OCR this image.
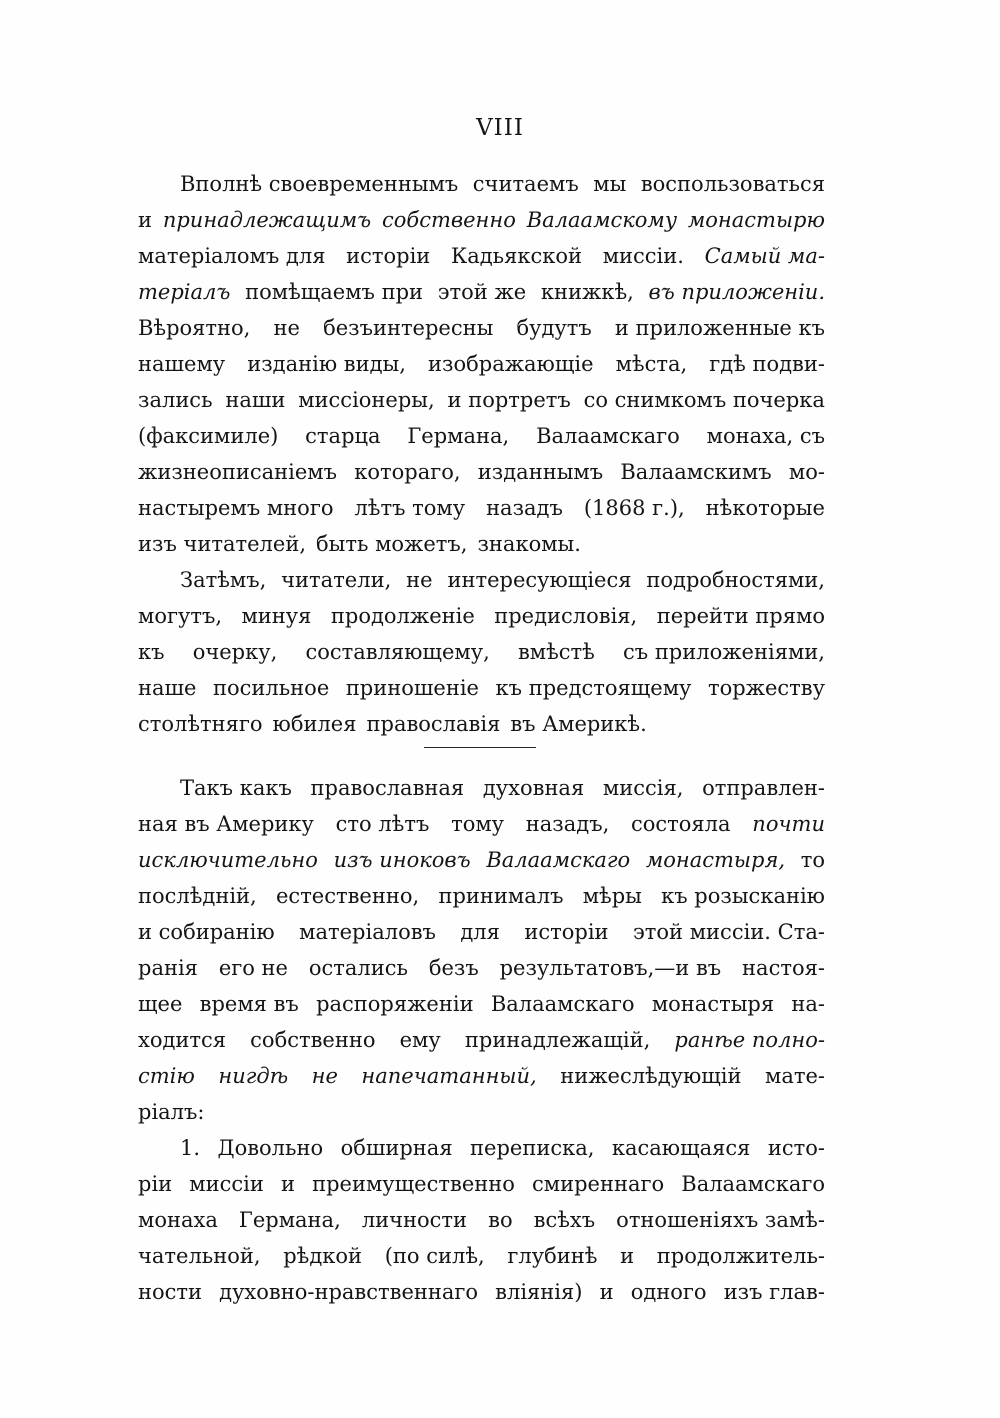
VIII
Вполнѣ своевременнымъ считаемъ мы воспользоваться
и принадлежащимъ собственно Валаамскому монастырю
матеріаломъ для исторіи Кадьякской миссіи. Самый ма-
теріалъ помѣщаемъ при этой же книжкѣ, въ приложеніи.
Вѣроятно, не безъинтересны будутъ и приложенные къ
нашему изданію виды, изображающіе мѣста, гдѣ подви-
зались наши миссіонеры, и портретъ со снимкомъ почерка
(факсимиле) старца Германа, Валаамскаго монаха, съ
жизнеописаніемъ котораго, изданнымъ Валаамскимъ мо-
настыремъ много лѣтъ тому назадъ (1868 г.), нѣкоторые
изъ читателей, быть можетъ, знакомы.
Затѣмъ, читатели, не интересующіеся подробностями,
могутъ, минуя продолженіе предисловія, перейти прямо
къ очерку, составляющему, вмѣстѣ съ приложеніями,
наше посильное приношеніе къ предстоящему торжеству
столѣтняго юбилея православія въ Америкѣ.
Такъ какъ православная духовная миссія, отправлен-
ная въ Америку сто лѣтъ тому назадъ, состояла почти
исключительно изъ иноковъ Валаамскаго монастыря, то
послѣдній, естественно, принималъ мѣры къ розысканію
и собиранію матеріаловъ для исторіи этой миссіи. Ста-
ранія его не остались безъ результатовъ,—и въ настоя-
щее время въ распоряженіи Валаамскаго монастыря на-
ходится собственно ему принадлежащій, ранѣе полно-
стію нигдѣ не напечатанный, нижеслѣдующій мате-
ріалъ:
1. Довольно обширная переписка, касающаяся исто-
ріи миссіи и преимущественно смиреннаго Валаамскаго
монаха Германа, личности во всѣхъ отношеніяхъ замѣ-
чательной, рѣдкой (по силѣ, глубинѣ и продолжитель-
ности духовно-нравственнаго вліянія) и одного изъ глав-
